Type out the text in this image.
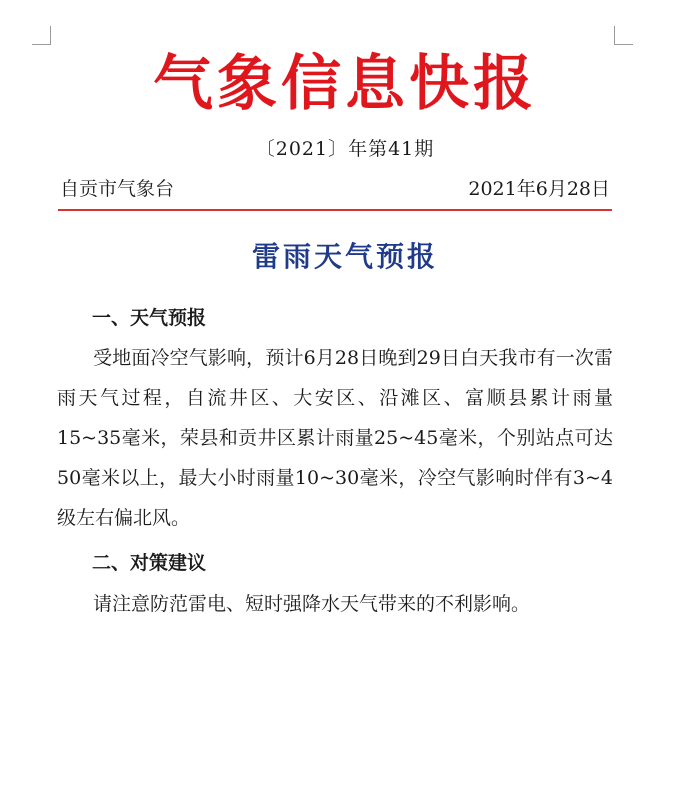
气象信息快报
〔2021〕年第41期
自贡市气象台	2021年6月28日
雷雨天气预报
一、天气预报
受地面冷空气影响，预计6月28日晚到29日白天我市有一次雷雨天气过程，自流井区、大安区、沿滩区、富顺县累计雨量15~35毫米，荣县和贡井区累计雨量25~45毫米，个别站点可达50毫米以上，最大小时雨量10~30毫米，冷空气影响时伴有3~4级左右偏北风。
二、对策建议
请注意防范雷电、短时强降水天气带来的不利影响。
